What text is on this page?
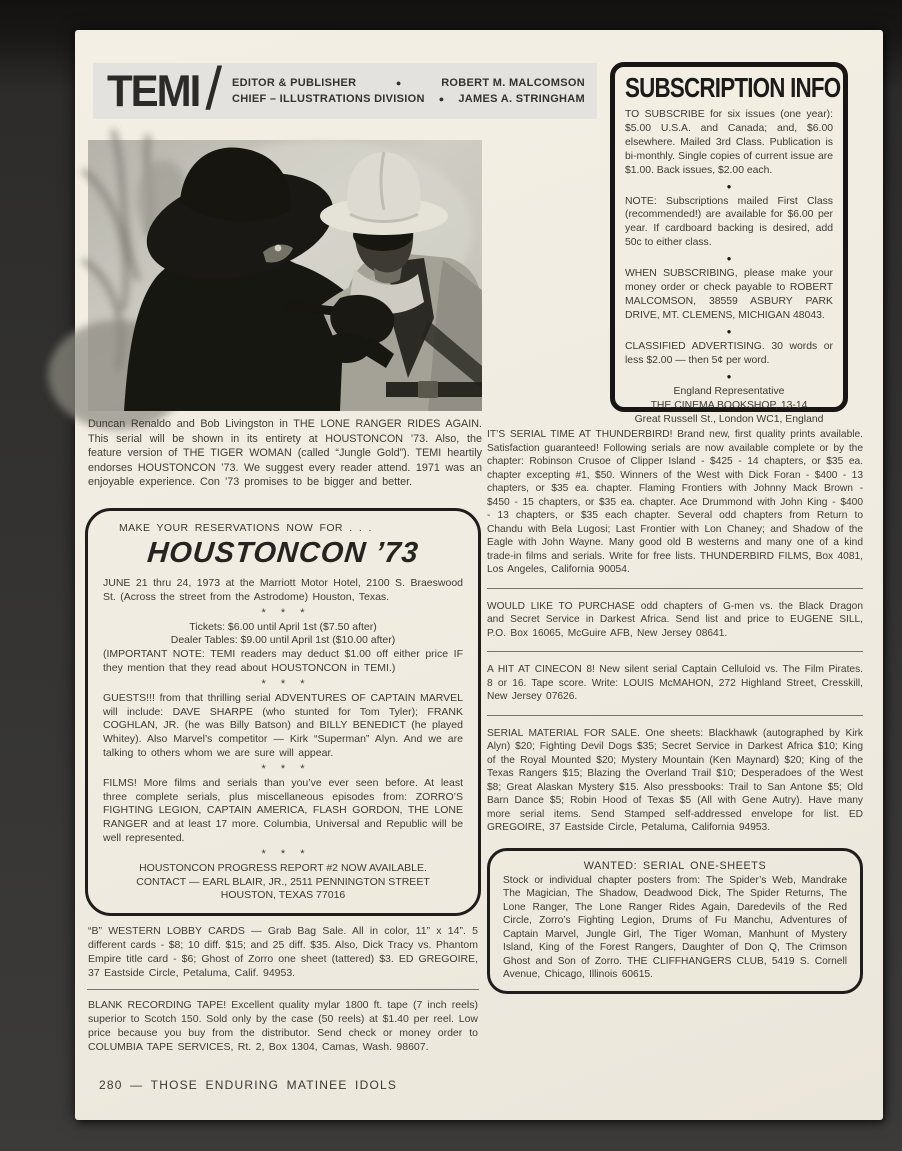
TEMI / EDITOR & PUBLISHER	●	ROBERT M. MALCOMSON
CHIEF – ILLUSTRATIONS DIVISION	●	JAMES A. STRINGHAM SUBSCRIPTION INFO

TO SUBSCRIBE for six issues (one year): $5.00 U.S.A. and Canada; and, $6.00 elsewhere. Mailed 3rd Class. Publication is bi-monthly. Single copies of current issue are $1.00. Back issues, $2.00 each.

●

NOTE: Subscriptions mailed First Class (recommended!) are available for $6.00 per year. If cardboard backing is desired, add 50c to either class.

●

WHEN SUBSCRIBING, please make your money order or check payable to ROBERT MALCOMSON, 38559 ASBURY PARK DRIVE, MT. CLEMENS, MICHIGAN 48043.

●

CLASSIFIED ADVERTISING. 30 words or less $2.00 — then 5¢ per word.

●
England Representative
THE CINEMA BOOKSHOP, 13-14
Great Russell St., London WC1, England
Duncan Renaldo and Bob Livingston in THE LONE RANGER RIDES AGAIN. This serial will be shown in its entirety at HOUSTONCON ’73. Also, the feature version of THE TIGER WOMAN (called “Jungle Gold”). TEMI heartily endorses HOUSTONCON ’73. We suggest every reader attend. 1971 was an enjoyable experience. Con ’73 promises to be bigger and better.
MAKE YOUR RESERVATIONS NOW FOR . . .
HOUSTONCON ’73

JUNE 21 thru 24, 1973 at the Marriott Motor Hotel, 2100 S. Braeswood St. (Across the street from the Astrodome) Houston, Texas.

* * *

Tickets: $6.00 until April 1st ($7.50 after)

Dealer Tables: $9.00 until April 1st ($10.00 after)

(IMPORTANT NOTE: TEMI readers may deduct $1.00 off either price IF they mention that they read about HOUSTONCON in TEMI.)

* * *

GUESTS!!! from that thrilling serial ADVENTURES OF CAPTAIN MARVEL will include: DAVE SHARPE (who stunted for Tom Tyler); FRANK COGHLAN, JR. (he was Billy Batson) and BILLY BENEDICT (he played Whitey). Also Marvel’s competitor — Kirk “Superman” Alyn. And we are talking to others whom we are sure will appear.

* * *

FILMS! More films and serials than you’ve ever seen before. At least three complete serials, plus miscellaneous episodes from: ZORRO’S FIGHTING LEGION, CAPTAIN AMERICA, FLASH GORDON, THE LONE RANGER and at least 17 more. Columbia, Universal and Republic will be well represented.

* * *

HOUSTONCON PROGRESS REPORT #2 NOW AVAILABLE.

CONTACT — EARL BLAIR, JR., 2511 PENNINGTON STREET

HOUSTON, TEXAS 77016

“B” WESTERN LOBBY CARDS — Grab Bag Sale. All in color, 11” x 14”. 5 different cards - $8; 10 diff. $15; and 25 diff. $35. Also, Dick Tracy vs. Phantom Empire title card - $6; Ghost of Zorro one sheet (tattered) $3. ED GREGOIRE, 37 Eastside Circle, Petaluma, Calif. 94953.

BLANK RECORDING TAPE! Excellent quality mylar 1800 ft. tape (7 inch reels) superior to Scotch 150. Sold only by the case (50 reels) at $1.40 per reel. Low price because you buy from the distributor. Send check or money order to COLUMBIA TAPE SERVICES, Rt. 2, Box 1304, Camas, Wash. 98607.

IT’S SERIAL TIME AT THUNDERBIRD! Brand new, first quality prints available. Satisfaction guaranteed! Following serials are now available complete or by the chapter: Robinson Crusoe of Clipper Island - $425 - 14 chapters, or $35 ea. chapter excepting #1, $50. Winners of the West with Dick Foran - $400 - 13 chapters, or $35 ea. chapter. Flaming Frontiers with Johnny Mack Brown - $450 - 15 chapters, or $35 ea. chapter. Ace Drummond with John King - $400 - 13 chapters, or $35 each chapter. Several odd chapters from Return to Chandu with Bela Lugosi; Last Frontier with Lon Chaney; and Shadow of the Eagle with John Wayne. Many good old B westerns and many one of a kind trade-in films and serials. Write for free lists. THUNDERBIRD FILMS, Box 4081, Los Angeles, California 90054.

WOULD LIKE TO PURCHASE odd chapters of G-men vs. the Black Dragon and Secret Service in Darkest Africa. Send list and price to EUGENE SILL, P.O. Box 16065, McGuire AFB, New Jersey 08641.

A HIT AT CINECON 8! New silent serial Captain Celluloid vs. The Film Pirates. 8 or 16. Tape score. Write: LOUIS McMAHON, 272 Highland Street, Cresskill, New Jersey 07626.

SERIAL MATERIAL FOR SALE. One sheets: Blackhawk (autographed by Kirk Alyn) $20; Fighting Devil Dogs $35; Secret Service in Darkest Africa $10; King of the Royal Mounted $20; Mystery Mountain (Ken Maynard) $20; King of the Texas Rangers $15; Blazing the Overland Trail $10; Desperadoes of the West $8; Great Alaskan Mystery $15. Also pressbooks: Trail to San Antone $5; Old Barn Dance $5; Robin Hood of Texas $5 (All with Gene Autry). Have many more serial items. Send Stamped self-addressed envelope for list. ED GREGOIRE, 37 Eastside Circle, Petaluma, California 94953.

WANTED: SERIAL ONE-SHEETS

Stock or individual chapter posters from: The Spider’s Web, Mandrake The Magician, The Shadow, Deadwood Dick, The Spider Returns, The Lone Ranger, The Lone Ranger Rides Again, Daredevils of the Red Circle, Zorro’s Fighting Legion, Drums of Fu Manchu, Adventures of Captain Marvel, Jungle Girl, The Tiger Woman, Manhunt of Mystery Island, King of the Forest Rangers, Daughter of Don Q, The Crimson Ghost and Son of Zorro. THE CLIFFHANGERS CLUB, 5419 S. Cornell Avenue, Chicago, Illinois 60615.

280 — THOSE ENDURING MATINEE IDOLS
